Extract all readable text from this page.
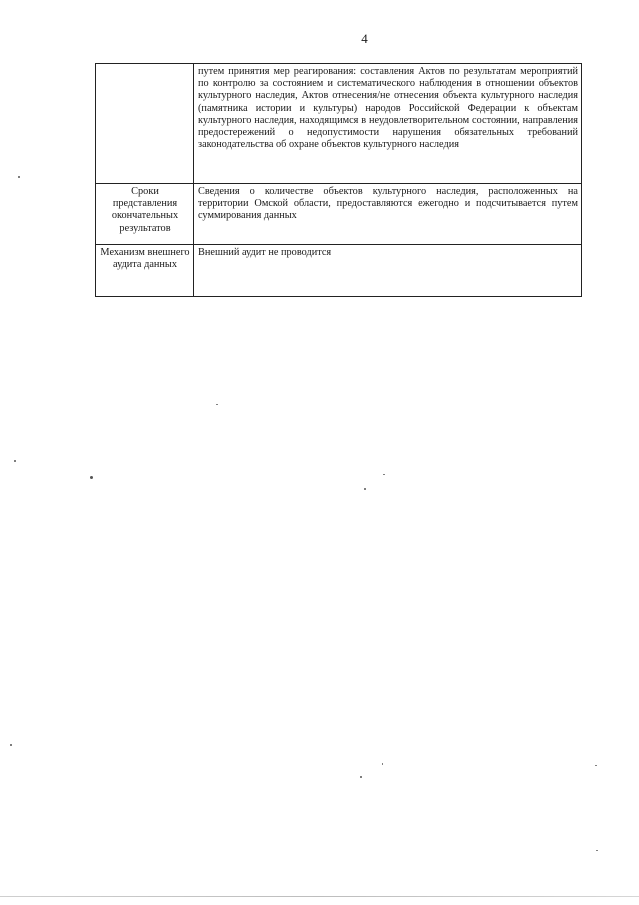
4
	путем принятия мер реагирования: составления Актов по результатам мероприятий по контролю за состоянием и систематического наблюдения в отношении объектов культурного наследия, Актов отнесения/не отнесения объекта культурного наследия (памятника истории и культуры) народов Российской Федерации к объектам культурного наследия, находящимся в неудовлетворительном состоянии, направления предостережений о недопустимости нарушения обязательных требований законодательства об охране объектов культурного наследия
Сроки представления окончательных результатов	Сведения о количестве объектов культурного наследия, расположенных на территории Омской области, предоставляются ежегодно и подсчитывается путем суммирования данных
Механизм внешнего аудита данных	Внешний аудит не проводится
